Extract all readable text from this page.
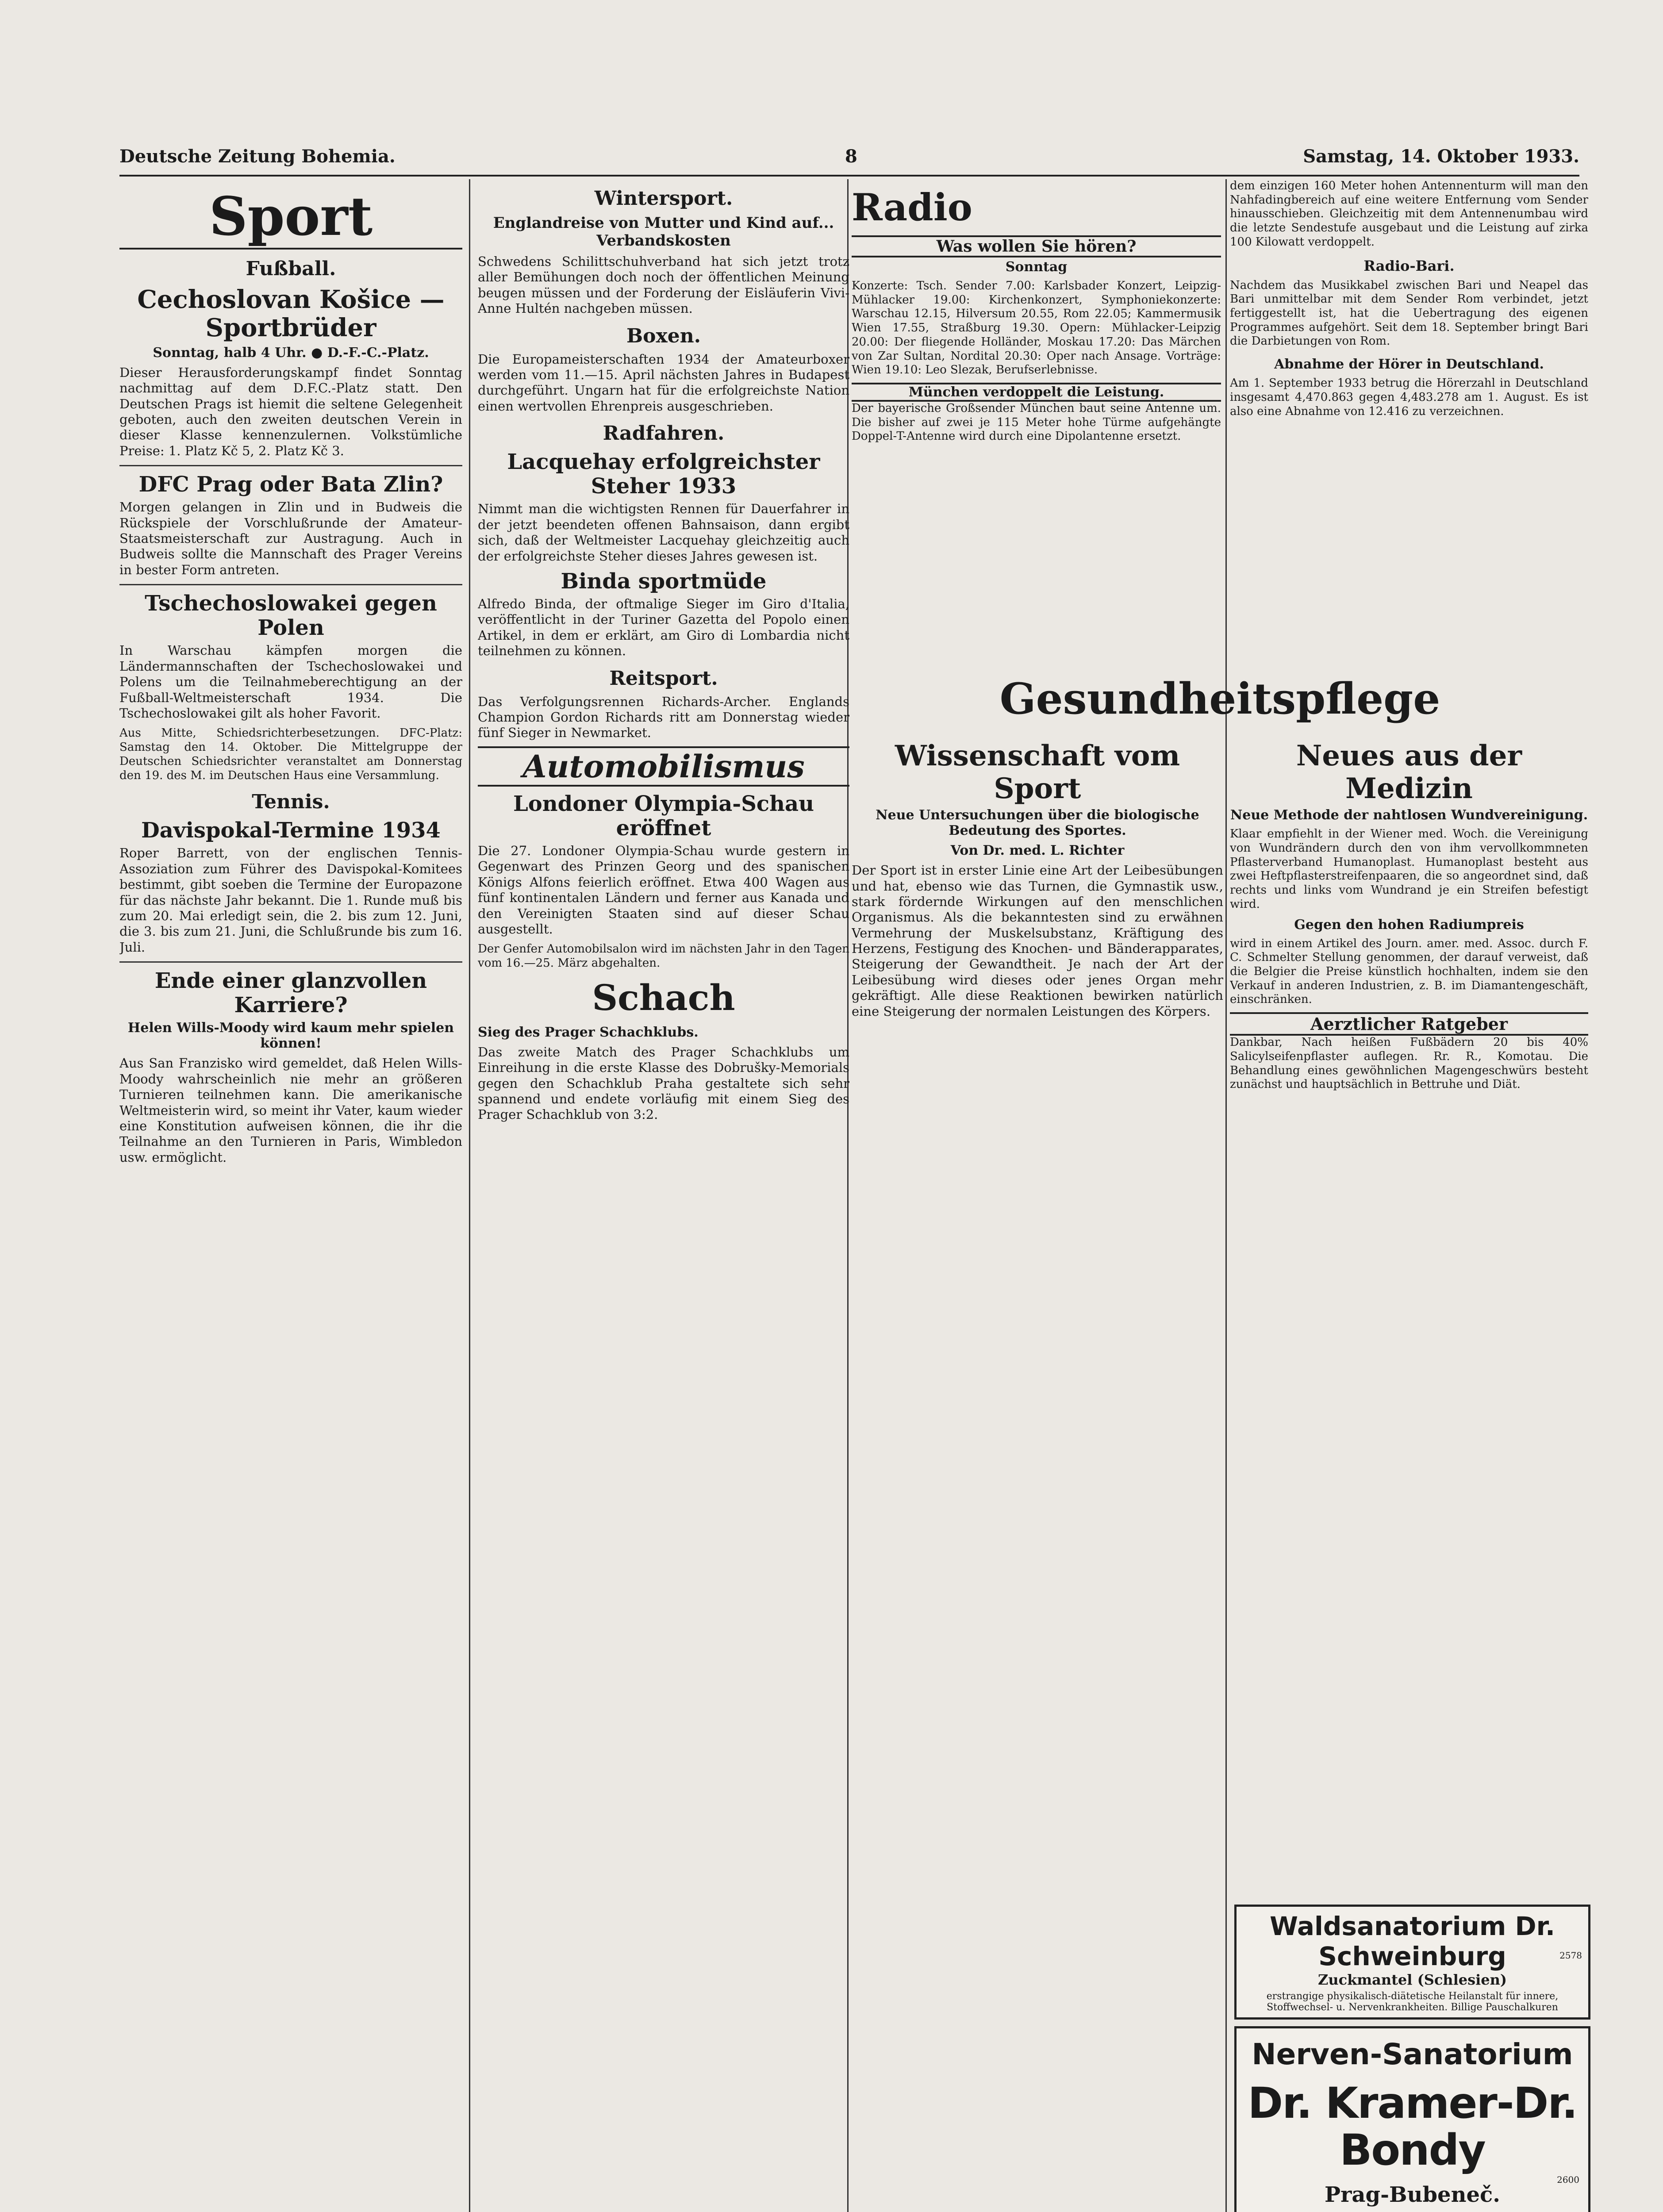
Deutsche Zeitung Bohemia.	8	Samstag, 14. Oktober 1933.
Sport
Fußball.
Cechoslovan Košice — Sportbrüder
Sonntag, halb 4 Uhr. ● D.-F.-C.-Platz.

Dieser Herausforderungskampf findet Sonntag nachmittag auf dem D.F.C.-Platz statt. Den Deutschen Prags ist hiemit die seltene Gelegenheit geboten, auch den zweiten deutschen Verein in dieser Klasse kennenzulernen. Volkstümliche Preise: 1. Platz Kč 5, 2. Platz Kč 3.

DFC Prag oder Bata Zlin?

Morgen gelangen in Zlin und in Budweis die Rückspiele der Vorschlußrunde der Amateur-Staatsmeisterschaft zur Austragung. Auch in Budweis sollte die Mannschaft des Prager Vereins in bester Form antreten.

Tschechoslowakei gegen Polen

In Warschau kämpfen morgen die Ländermannschaften der Tschechoslowakei und Polens um die Teilnahmeberechtigung an der Fußball-Weltmeisterschaft 1934. Die Tschechoslowakei gilt als hoher Favorit.

Aus Mitte, Schiedsrichterbesetzungen. DFC-Platz: Samstag den 14. Oktober. Die Mittelgruppe der Deutschen Schiedsrichter veranstaltet am Donnerstag den 19. des M. im Deutschen Haus eine Versammlung.

Tennis.
Davispokal-Termine 1934

Roper Barrett, von der englischen Tennis-Assoziation zum Führer des Davispokal-Komitees bestimmt, gibt soeben die Termine der Europazone für das nächste Jahr bekannt. Die 1. Runde muß bis zum 20. Mai erledigt sein, die 2. bis zum 12. Juni, die 3. bis zum 21. Juni, die Schlußrunde bis zum 16. Juli.

Ende einer glanzvollen Karriere?
Helen Wills-Moody wird kaum mehr spielen können!

Aus San Franzisko wird gemeldet, daß Helen Wills-Moody wahrscheinlich nie mehr an größeren Turnieren teilnehmen kann. Die amerikanische Weltmeisterin wird, so meint ihr Vater, kaum wieder eine Konstitution aufweisen können, die ihr die Teilnahme an den Turnieren in Paris, Wimbledon usw. ermöglicht.

Wintersport.
Englandreise von Mutter und Kind auf... Verbandskosten

Schwedens Schilittschuhverband hat sich jetzt trotz aller Bemühungen doch noch der öffentlichen Meinung beugen müssen und der Forderung der Eisläuferin Vivi-Anne Hultén nachgeben müssen.

Boxen.

Die Europameisterschaften 1934 der Amateurboxer werden vom 11.—15. April nächsten Jahres in Budapest durchgeführt. Ungarn hat für die erfolgreichste Nation einen wertvollen Ehrenpreis ausgeschrieben.

Radfahren.
Lacquehay erfolgreichster Steher 1933

Nimmt man die wichtigsten Rennen für Dauerfahrer in der jetzt beendeten offenen Bahnsaison, dann ergibt sich, daß der Weltmeister Lacquehay gleichzeitig auch der erfolgreichste Steher dieses Jahres gewesen ist.

Binda sportmüde

Alfredo Binda, der oftmalige Sieger im Giro d'Italia, veröffentlicht in der Turiner Gazetta del Popolo einen Artikel, in dem er erklärt, am Giro di Lombardia nicht teilnehmen zu können.

Reitsport.

Das Verfolgungsrennen Richards-Archer. Englands Champion Gordon Richards ritt am Donnerstag wieder fünf Sieger in Newmarket.

Automobilismus
Londoner Olympia-Schau eröffnet

Die 27. Londoner Olympia-Schau wurde gestern in Gegenwart des Prinzen Georg und des spanischen Königs Alfons feierlich eröffnet. Etwa 400 Wagen aus fünf kontinentalen Ländern und ferner aus Kanada und den Vereinigten Staaten sind auf dieser Schau ausgestellt.

Der Genfer Automobilsalon wird im nächsten Jahr in den Tagen vom 16.—25. März abgehalten.

Schach
Sieg des Prager Schachklubs.

Das zweite Match des Prager Schachklubs um Einreihung in die erste Klasse des Dobrušky-Memorials gegen den Schachklub Praha gestaltete sich sehr spannend und endete vorläufig mit einem Sieg des Prager Schachklub von 3:2.

Radio
Was wollen Sie hören?
Sonntag

Konzerte: Tsch. Sender 7.00: Karlsbader Konzert, Leipzig-Mühlacker 19.00: Kirchenkonzert, Symphoniekonzerte: Warschau 12.15, Hilversum 20.55, Rom 22.05; Kammermusik Wien 17.55, Straßburg 19.30. Opern: Mühlacker-Leipzig 20.00: Der fliegende Holländer, Moskau 17.20: Das Märchen von Zar Sultan, Nordital 20.30: Oper nach Ansage. Vorträge: Wien 19.10: Leo Slezak, Berufserlebnisse.

München verdoppelt die Leistung.

Der bayerische Großsender München baut seine Antenne um. Die bisher auf zwei je 115 Meter hohe Türme aufgehängte Doppel-T-Antenne wird durch eine Dipolantenne ersetzt.

dem einzigen 160 Meter hohen Antennenturm will man den Nahfadingbereich auf eine weitere Entfernung vom Sender hinausschieben. Gleichzeitig mit dem Antennenumbau wird die letzte Sendestufe ausgebaut und die Leistung auf zirka 100 Kilowatt verdoppelt.

Radio-Bari.

Nachdem das Musikkabel zwischen Bari und Neapel das Bari unmittelbar mit dem Sender Rom verbindet, jetzt fertiggestellt ist, hat die Uebertragung des eigenen Programmes aufgehört. Seit dem 18. September bringt Bari die Darbietungen von Rom.

Abnahme der Hörer in Deutschland.

Am 1. September 1933 betrug die Hörerzahl in Deutschland insgesamt 4,470.863 gegen 4,483.278 am 1. August. Es ist also eine Abnahme von 12.416 zu verzeichnen.

Gesundheitspflege
Wissenschaft vom Sport
Neue Untersuchungen über die biologische Bedeutung des Sportes.
Von Dr. med. L. Richter

Der Sport ist in erster Linie eine Art der Leibesübungen und hat, ebenso wie das Turnen, die Gymnastik usw., stark fördernde Wirkungen auf den menschlichen Organismus. Als die bekanntesten sind zu erwähnen Vermehrung der Muskelsubstanz, Kräftigung des Herzens, Festigung des Knochen- und Bänderapparates, Steigerung der Gewandtheit. Je nach der Art der Leibesübung wird dieses oder jenes Organ mehr gekräftigt. Alle diese Reaktionen bewirken natürlich eine Steigerung der normalen Leistungen des Körpers.

Neues aus der Medizin
Neue Methode der nahtlosen Wundvereinigung.

Klaar empfiehlt in der Wiener med. Woch. die Vereinigung von Wundrändern durch den von ihm vervollkommneten Pflasterverband Humanoplast. Humanoplast besteht aus zwei Heftpflasterstreifenpaaren, die so angeordnet sind, daß rechts und links vom Wundrand je ein Streifen befestigt wird.

Gegen den hohen Radiumpreis

wird in einem Artikel des Journ. amer. med. Assoc. durch F. C. Schmelter Stellung genommen, der darauf verweist, daß die Belgier die Preise künstlich hochhalten, indem sie den Verkauf in anderen Industrien, z. B. im Diamantengeschäft, einschränken.

Aerztlicher Ratgeber

Dankbar, Nach heißen Fußbädern 20 bis 40% Salicylseifenpflaster auflegen. Rr. R., Komotau. Die Behandlung eines gewöhnlichen Magengeschwürs besteht zunächst und hauptsächlich in Bettruhe und Diät.

Waldsanatorium Dr. Schweinburg
Zuckmantel (Schlesien)
erstrangige physikalisch-diätetische Heilanstalt für innere, Stoffwechsel- u. Nervenkrankheiten. Billige Pauschalkuren
2578
Nerven-Sanatorium
Dr. Kramer-Dr. Bondy
Prag-Bubeneč.
2600
